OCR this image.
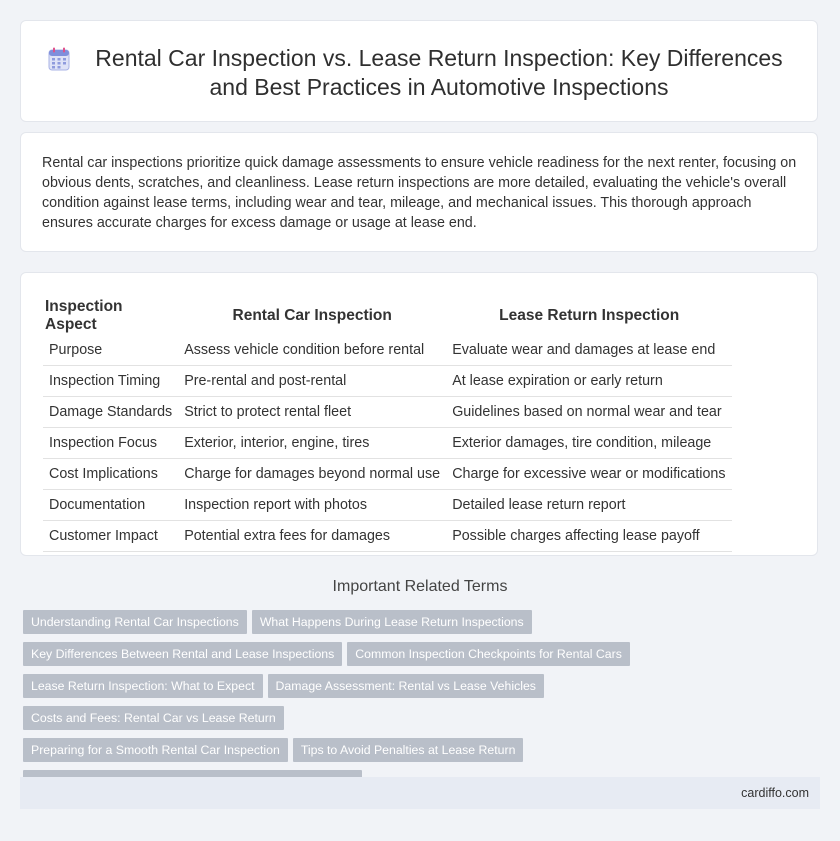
Rental Car Inspection vs. Lease Return Inspection: Key Differences and Best Practices in Automotive Inspections

Rental car inspections prioritize quick damage assessments to ensure vehicle readiness for the next renter, focusing on obvious dents, scratches, and cleanliness. Lease return inspections are more detailed, evaluating the vehicle's overall condition against lease terms, including wear and tear, mileage, and mechanical issues. This thorough approach ensures accurate charges for excess damage or usage at lease end.

Inspection Aspect	Rental Car Inspection	Lease Return Inspection
Purpose	Assess vehicle condition before rental	Evaluate wear and damages at lease end
Inspection Timing	Pre-rental and post-rental	At lease expiration or early return
Damage Standards	Strict to protect rental fleet	Guidelines based on normal wear and tear
Inspection Focus	Exterior, interior, engine, tires	Exterior damages, tire condition, mileage
Cost Implications	Charge for damages beyond normal use	Charge for excessive wear or modifications
Documentation	Inspection report with photos	Detailed lease return report
Customer Impact	Potential extra fees for damages	Possible charges affecting lease payoff
Important Related Terms
Understanding Rental Car Inspections What Happens During Lease Return Inspections
Key Differences Between Rental and Lease Inspections Common Inspection Checkpoints for Rental Cars
Lease Return Inspection: What to Expect Damage Assessment: Rental vs Lease VehiclesCosts and Fees: Rental Car vs Lease Return
Preparing for a Smooth Rental Car Inspection Tips to Avoid Penalties at Lease Return

cardiffo.com
